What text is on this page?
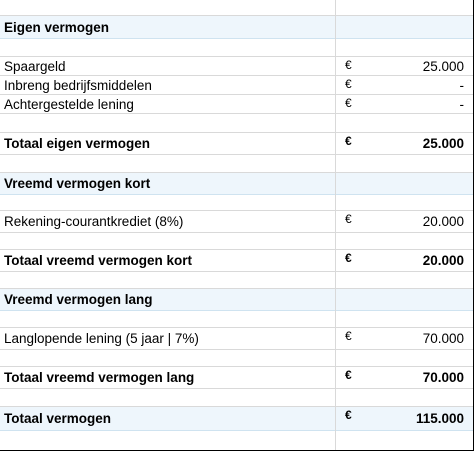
Eigen vermogen
Spaargeld	€	25.000
Inbreng bedrijfsmiddelen	€	-
Achtergestelde lening	€	-
Totaal eigen vermogen	€	25.000
Vreemd vermogen kort
Rekening-courantkrediet (8%)	€	20.000
Totaal vreemd vermogen kort	€	20.000
Vreemd vermogen lang
Langlopende lening (5 jaar | 7%)	€	70.000
Totaal vreemd vermogen lang	€	70.000
Totaal vermogen	€	115.000
